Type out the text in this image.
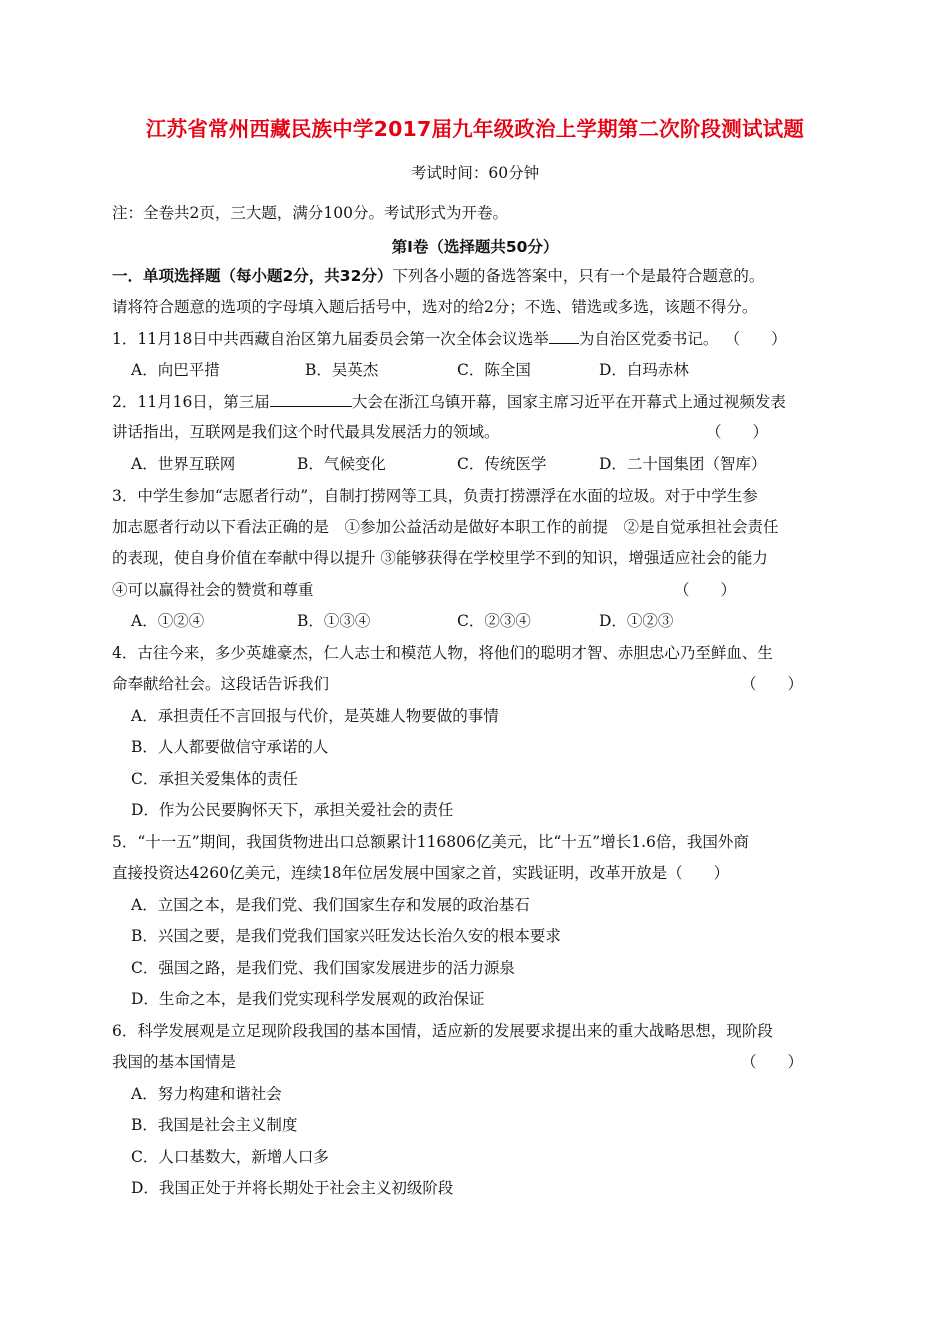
江苏省常州西藏民族中学2017届九年级政治上学期第二次阶段测试试题
考试时间：60分钟
注：全卷共2页，三大题，满分100分。考试形式为开卷。
第Ⅰ卷（选择题共50分）
一．单项选择题（每小题2分，共32分）下列各小题的备选答案中，只有一个是最符合题意的。
请将符合题意的选项的字母填入题后括号中，选对的给2分；不选、错选或多选，该题不得分。
1．11月18日中共西藏自治区第九届委员会第一次全体会议选举 为自治区党委书记。 （　　）
A．向巴平措	B．吴英杰	C．陈全国	D．白玛赤林
2．11月16日，第三届	大会在浙江乌镇开幕，国家主席习近平在开幕式上通过视频发表
讲话指出，互联网是我们这个时代最具发展活力的领域。	（　　）
A．世界互联网	B．气候变化	C．传统医学	D．二十国集团（智库）
3．中学生参加“志愿者行动”，自制打捞网等工具，负责打捞漂浮在水面的垃圾。对于中学生参
加志愿者行动以下看法正确的是　①参加公益活动是做好本职工作的前提　②是自觉承担社会责任
的表现，使自身价值在奉献中得以提升 ③能够获得在学校里学不到的知识，增强适应社会的能力
④可以赢得社会的赞赏和尊重	（　　）
A．①②④	B．①③④	C．②③④	D．①②③
4．古往今来，多少英雄豪杰，仁人志士和模范人物，将他们的聪明才智、赤胆忠心乃至鲜血、生
命奉献给社会。这段话告诉我们	（　　）
A．承担责任不言回报与代价，是英雄人物要做的事情
B．人人都要做信守承诺的人
C．承担关爱集体的责任
D．作为公民要胸怀天下，承担关爱社会的责任
5．“十一五”期间，我国货物进出口总额累计116806亿美元，比“十五”增长1.6倍，我国外商
直接投资达4260亿美元，连续18年位居发展中国家之首，实践证明，改革开放是（　　）
A．立国之本，是我们党、我们国家生存和发展的政治基石
B．兴国之要，是我们党我们国家兴旺发达长治久安的根本要求
C．强国之路，是我们党、我们国家发展进步的活力源泉
D．生命之本，是我们党实现科学发展观的政治保证
6．科学发展观是立足现阶段我国的基本国情，适应新的发展要求提出来的重大战略思想，现阶段
我国的基本国情是	（　　）
A．努力构建和谐社会
B．我国是社会主义制度
C．人口基数大，新增人口多
D．我国正处于并将长期处于社会主义初级阶段
